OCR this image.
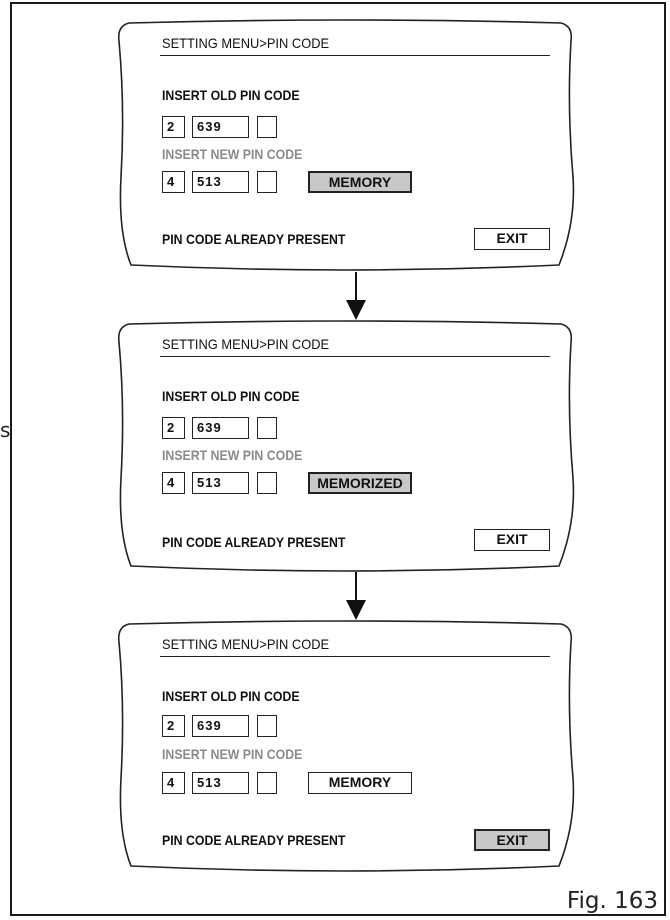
s
SETTING MENU>PIN CODE
INSERT OLD PIN CODE
2	639
INSERT NEW PIN CODE
4	513	MEMORY
PIN CODE ALREADY PRESENT	EXIT
SETTING MENU>PIN CODE
INSERT OLD PIN CODE
2	639
INSERT NEW PIN CODE
4	513	MEMORIZED
PIN CODE ALREADY PRESENT	EXIT
SETTING MENU>PIN CODE
INSERT OLD PIN CODE
2	639
INSERT NEW PIN CODE
4	513	MEMORY
PIN CODE ALREADY PRESENT	EXIT
Fig. 163
